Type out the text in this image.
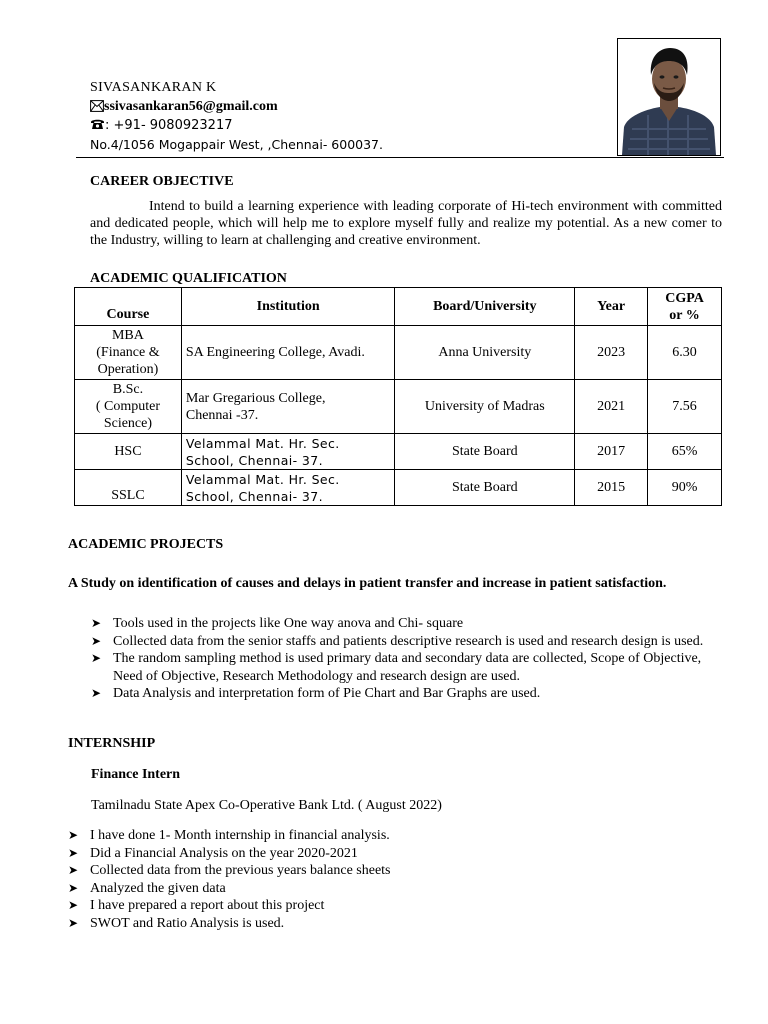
SIVASANKARAN K
ssivasankaran56@gmail.com
: +91- 9080923217
No.4/1056 Mogappair West, ,Chennai- 600037.
CAREER OBJECTIVE
Intend to build a learning experience with leading corporate of Hi-tech environment with committed and dedicated people, which will help me to explore myself fully and realize my potential. As a new comer to the Industry, willing to learn at challenging and creative environment.
ACADEMIC QUALIFICATION
Course	Institution	Board/University	Year	CGPA
or %

MBA
(Finance &
Operation)	SA Engineering College, Avadi.	Anna University	2023	6.30

B.Sc.
( Computer
Science)	Mar Gregarious College,
Chennai -37.	University of Madras	2021	7.56
HSC	Velammal Mat. Hr. Sec.
School, Chennai- 37.	State Board	2017	65%
SSLC	Velammal Mat. Hr. Sec.
School, Chennai- 37.	State Board	2015	90%
ACADEMIC PROJECTS
A Study on identification of causes and delays in patient transfer and increase in patient satisfaction.
➤ Tools used in the projects like One way anova and Chi- square
➤ Collected data from the senior staffs and patients descriptive research is used and research design is used.
➤ The random sampling method is used primary data and secondary data are collected, Scope of Objective, Need of Objective, Research Methodology and research design are used.
➤ Data Analysis and interpretation form of Pie Chart and Bar Graphs are used.
INTERNSHIP
Finance Intern
Tamilnadu State Apex Co-Operative Bank Ltd. ( August 2022)
➤ I have done 1- Month internship in financial analysis.
➤ Did a Financial Analysis on the year 2020-2021
➤ Collected data from the previous years balance sheets
➤ Analyzed the given data
➤ I have prepared a report about this project
➤ SWOT and Ratio Analysis is used.
